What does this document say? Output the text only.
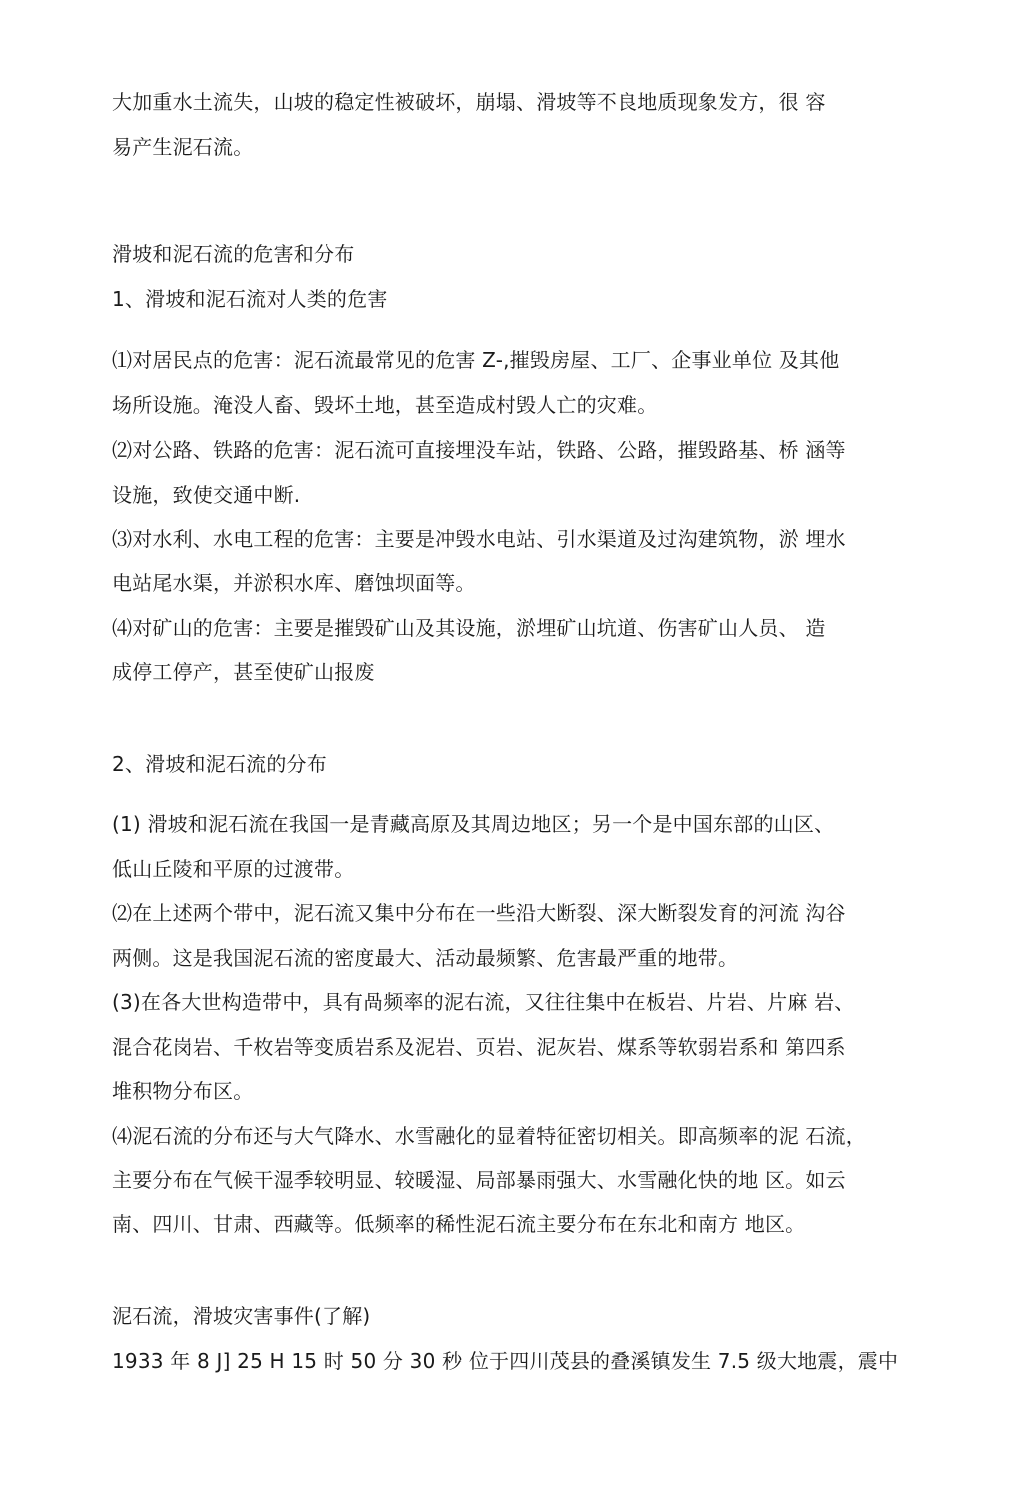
大加重水土流失，山坡的稳定性被破坏，崩塌、滑坡等不良地质现象发方，很 容
易产生泥石流。
滑坡和泥石流的危害和分布
1、滑坡和泥石流对人类的危害
⑴对居民点的危害：泥石流最常见的危害 Z-,摧毁房屋、工厂、企事业单位 及其他
场所设施。淹没人畜、毁坏土地，甚至造成村毁人亡的灾难。
⑵对公路、铁路的危害：泥石流可直接埋没车站，铁路、公路，摧毁路基、桥 涵等
设施，致使交通中断.
⑶对水利、水电工程的危害：主要是冲毁水电站、引水渠道及过沟建筑物，淤 埋水
电站尾水渠，并淤积水库、磨蚀坝面等。
⑷对矿山的危害：主要是摧毁矿山及其设施，淤埋矿山坑道、伤害矿山人员、 造
成停工停产，甚至使矿山报废
2、滑坡和泥石流的分布
(1) 滑坡和泥石流在我国一是青藏高原及其周边地区；另一个是中国东部的山区、
低山丘陵和平原的过渡带。
⑵在上述两个带中，泥石流又集中分布在一些沿大断裂、深大断裂发育的河流 沟谷
两侧。这是我国泥石流的密度最大、活动最频繁、危害最严重的地带。
(3)在各大世构造带中，具有咼频率的泥右流，又往往集中在板岩、片岩、片麻 岩、
混合花岗岩、千枚岩等变质岩系及泥岩、页岩、泥灰岩、煤系等软弱岩系和 第四系
堆积物分布区。
⑷泥石流的分布还与大气降水、水雪融化的显着特征密切相关。即高频率的泥 石流，
主要分布在气候干湿季较明显、较暖湿、局部暴雨强大、水雪融化快的地 区。如云
南、四川、甘肃、西藏等。低频率的稀性泥石流主要分布在东北和南方 地区。
泥石流，滑坡灾害事件(了解)
1933 年 8 J] 25 H 15 时 50 分 30 秒 位于四川茂县的叠溪镇发生 7.5 级大地震，震中
